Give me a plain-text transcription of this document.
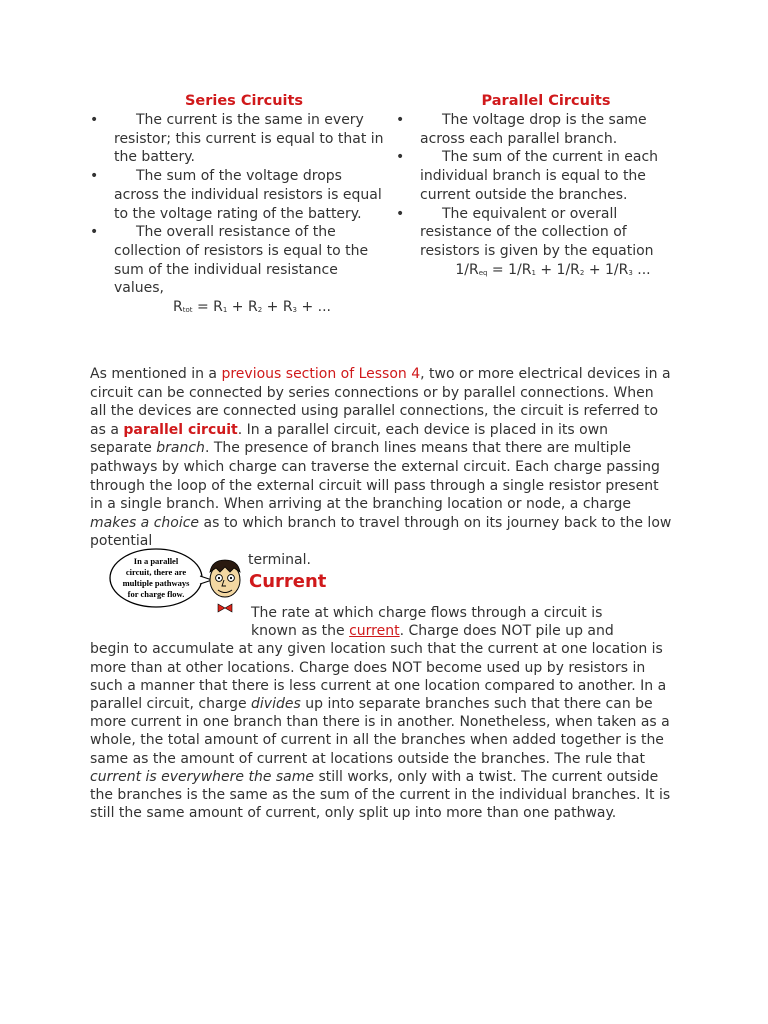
Series Circuits
• The current is the same in every resistor; this current is equal to that in the battery.
• The sum of the voltage drops across the individual resistors is equal to the voltage rating of the battery.
• The overall resistance of the collection of resistors is equal to the sum of the individual resistance values,
Rtot = R1 + R2 + R3 + ...
Parallel Circuits
• The voltage drop is the same across each parallel branch.
• The sum of the current in each individual branch is equal to the current outside the branches.
• The equivalent or overall resistance of the collection of resistors is given by the equation
1/Req = 1/R1 + 1/R2 + 1/R3 ...

As mentioned in a previous section of Lesson 4, two or more electrical devices in a circuit can be connected by series connections or by parallel connections. When all the devices are connected using parallel connections, the circuit is referred to as a parallel circuit. In a parallel circuit, each device is placed in its own separate branch. The presence of branch lines means that there are multiple pathways by which charge can traverse the external circuit. Each charge passing through the loop of the external circuit will pass through a single resistor present in a single branch. When arriving at the branching location or node, a charge makes a choice as to which branch to travel through on its journey back to the low potential

terminal.

In a parallel
circuit, there are
multiple pathways
for charge flow.
Current
The rate at which charge flows through a circuit is
known as the current. Charge does NOT pile up and
begin to accumulate at any given location such that the current at one location is more than at other locations. Charge does NOT become used up by resistors in such a manner that there is less current at one location compared to another. In a parallel circuit, charge divides up into separate branches such that there can be more current in one branch than there is in another. Nonetheless, when taken as a whole, the total amount of current in all the branches when added together is the same as the amount of current at locations outside the branches. The rule that current is everywhere the same still works, only with a twist. The current outside the branches is the same as the sum of the current in the individual branches. It is still the same amount of current, only split up into more than one pathway.
